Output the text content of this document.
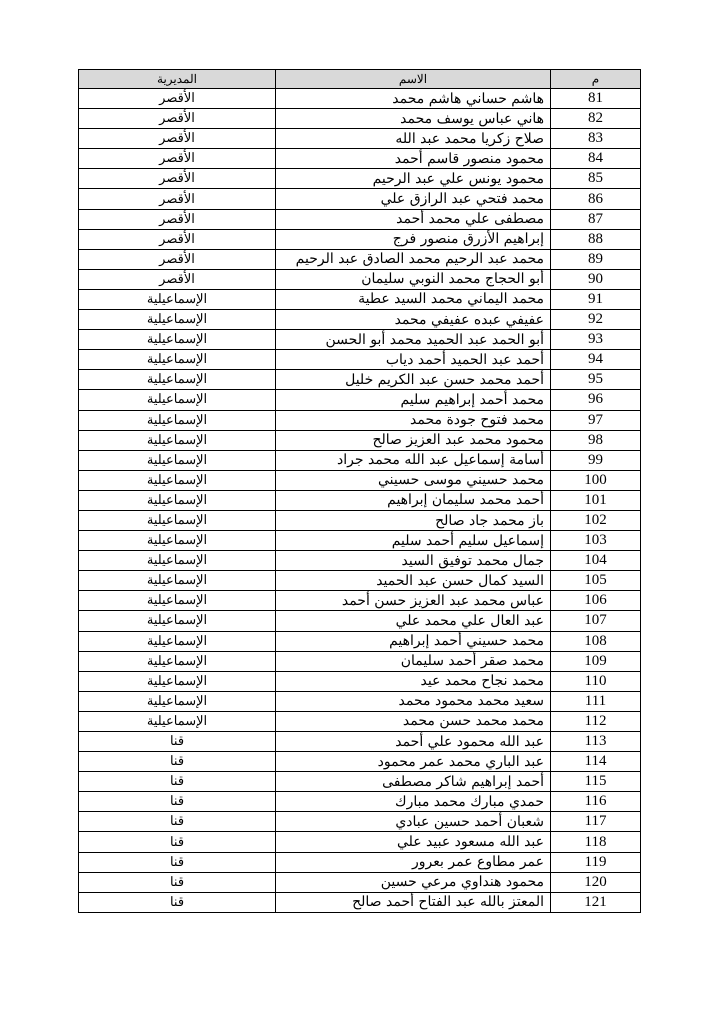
المديرية	الاسم	م
الأقصر	هاشم حساني هاشم محمد	81
الأقصر	هاني عباس يوسف محمد	82
الأقصر	صلاح زكريا محمد عبد الله	83
الأقصر	محمود منصور قاسم أحمد	84
الأقصر	محمود يونس علي عبد الرحيم	85
الأقصر	محمد فتحي عبد الرازق علي	86
الأقصر	مصطفى علي محمد أحمد	87
الأقصر	إبراهيم الأزرق منصور فرج	88
الأقصر	محمد عبد الرحيم محمد الصادق عبد الرحيم	89
الأقصر	أبو الحجاج محمد النوبي سليمان	90
الإسماعيلية	محمد اليماني محمد السيد عطية	91
الإسماعيلية	عفيفي عبده عفيفي محمد	92
الإسماعيلية	أبو الحمد عبد الحميد محمد أبو الحسن	93
الإسماعيلية	أحمد عبد الحميد أحمد دياب	94
الإسماعيلية	أحمد محمد حسن عبد الكريم خليل	95
الإسماعيلية	محمد أحمد إبراهيم سليم	96
الإسماعيلية	محمد فتوح جودة محمد	97
الإسماعيلية	محمود محمد عبد العزيز صالح	98
الإسماعيلية	أسامة إسماعيل عبد الله محمد جراد	99
الإسماعيلية	محمد حسيني موسى حسيني	100
الإسماعيلية	أحمد محمد سليمان إبراهيم	101
الإسماعيلية	باز محمد جاد صالح	102
الإسماعيلية	إسماعيل سليم أحمد سليم	103
الإسماعيلية	جمال محمد توفيق السيد	104
الإسماعيلية	السيد كمال حسن عبد الحميد	105
الإسماعيلية	عباس محمد عبد العزيز حسن أحمد	106
الإسماعيلية	عبد العال علي محمد علي	107
الإسماعيلية	محمد حسيني أحمد إبراهيم	108
الإسماعيلية	محمد صقر أحمد سليمان	109
الإسماعيلية	محمد نجاح محمد عيد	110
الإسماعيلية	سعيد محمد محمود محمد	111
الإسماعيلية	محمد محمد حسن محمد	112
قنا	عبد الله محمود علي أحمد	113
قنا	عبد الباري محمد عمر محمود	114
قنا	أحمد إبراهيم شاكر مصطفى	115
قنا	حمدي مبارك محمد مبارك	116
قنا	شعبان أحمد حسين عبادي	117
قنا	عبد الله مسعود عبيد علي	118
قنا	عمر مطاوع عمر بعرور	119
قنا	محمود هنداوي مرعي حسين	120
قنا	المعتز بالله عبد الفتاح أحمد صالح	121
